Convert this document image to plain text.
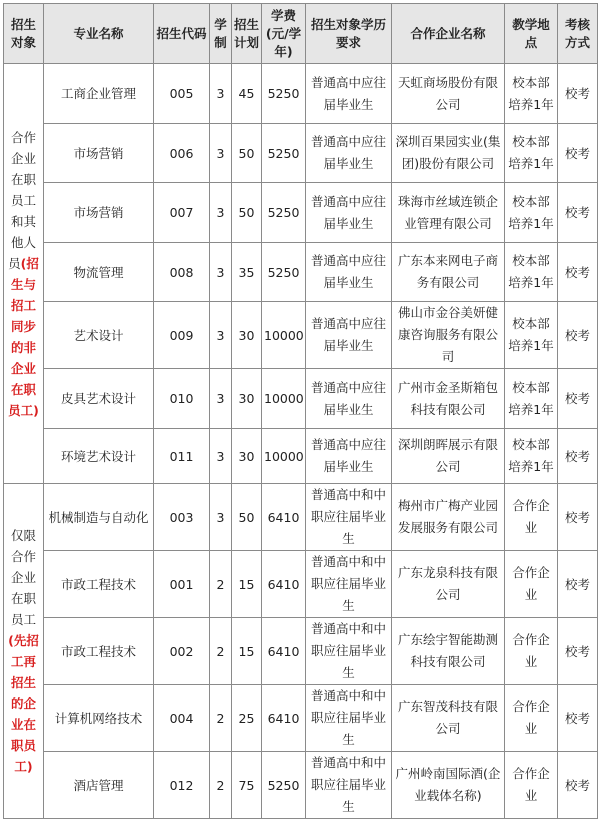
招生对象	专业名称	招生代码	学制	招生计划	学费(元/学年)	招生对象学历要求	合作企业名称	教学地点	考核方式
合作企业在职员工和其他人员(招生与招工同步的非企业在职员工)	工商企业管理	005	3	45	5250	普通高中应往届毕业生	天虹商场股份有限公司	校本部培养1年	校考
	市场营销	006	3	50	5250	普通高中应往届毕业生	深圳百果园实业(集团)股份有限公司	校本部培养1年	校考
	市场营销	007	3	50	5250	普通高中应往届毕业生	珠海市丝域连锁企业管理有限公司	校本部培养1年	校考
	物流管理	008	3	35	5250	普通高中应往届毕业生	广东本来网电子商务有限公司	校本部培养1年	校考
	艺术设计	009	3	30	10000	普通高中应往届毕业生	佛山市金谷美妍健康咨询服务有限公司	校本部培养1年	校考
	皮具艺术设计	010	3	30	10000	普通高中应往届毕业生	广州市金圣斯箱包科技有限公司	校本部培养1年	校考
	环境艺术设计	011	3	30	10000	普通高中应往届毕业生	深圳朗晖展示有限公司	校本部培养1年	校考
仅限合作企业在职员工(先招工再招生的企业在职员工)	机械制造与自动化	003	3	50	6410	普通高中和中职应往届毕业生	梅州市广梅产业园发展服务有限公司	合作企业	校考
	市政工程技术	001	2	15	6410	普通高中和中职应往届毕业生	广东龙泉科技有限公司	合作企业	校考
	市政工程技术	002	2	15	6410	普通高中和中职应往届毕业生	广东绘宇智能勘测科技有限公司	合作企业	校考
	计算机网络技术	004	2	25	6410	普通高中和中职应往届毕业生	广东智茂科技有限公司	合作企业	校考
	酒店管理	012	2	75	5250	普通高中和中职应往届毕业生	广州岭南国际酒(企业载体名称)	合作企业	校考
